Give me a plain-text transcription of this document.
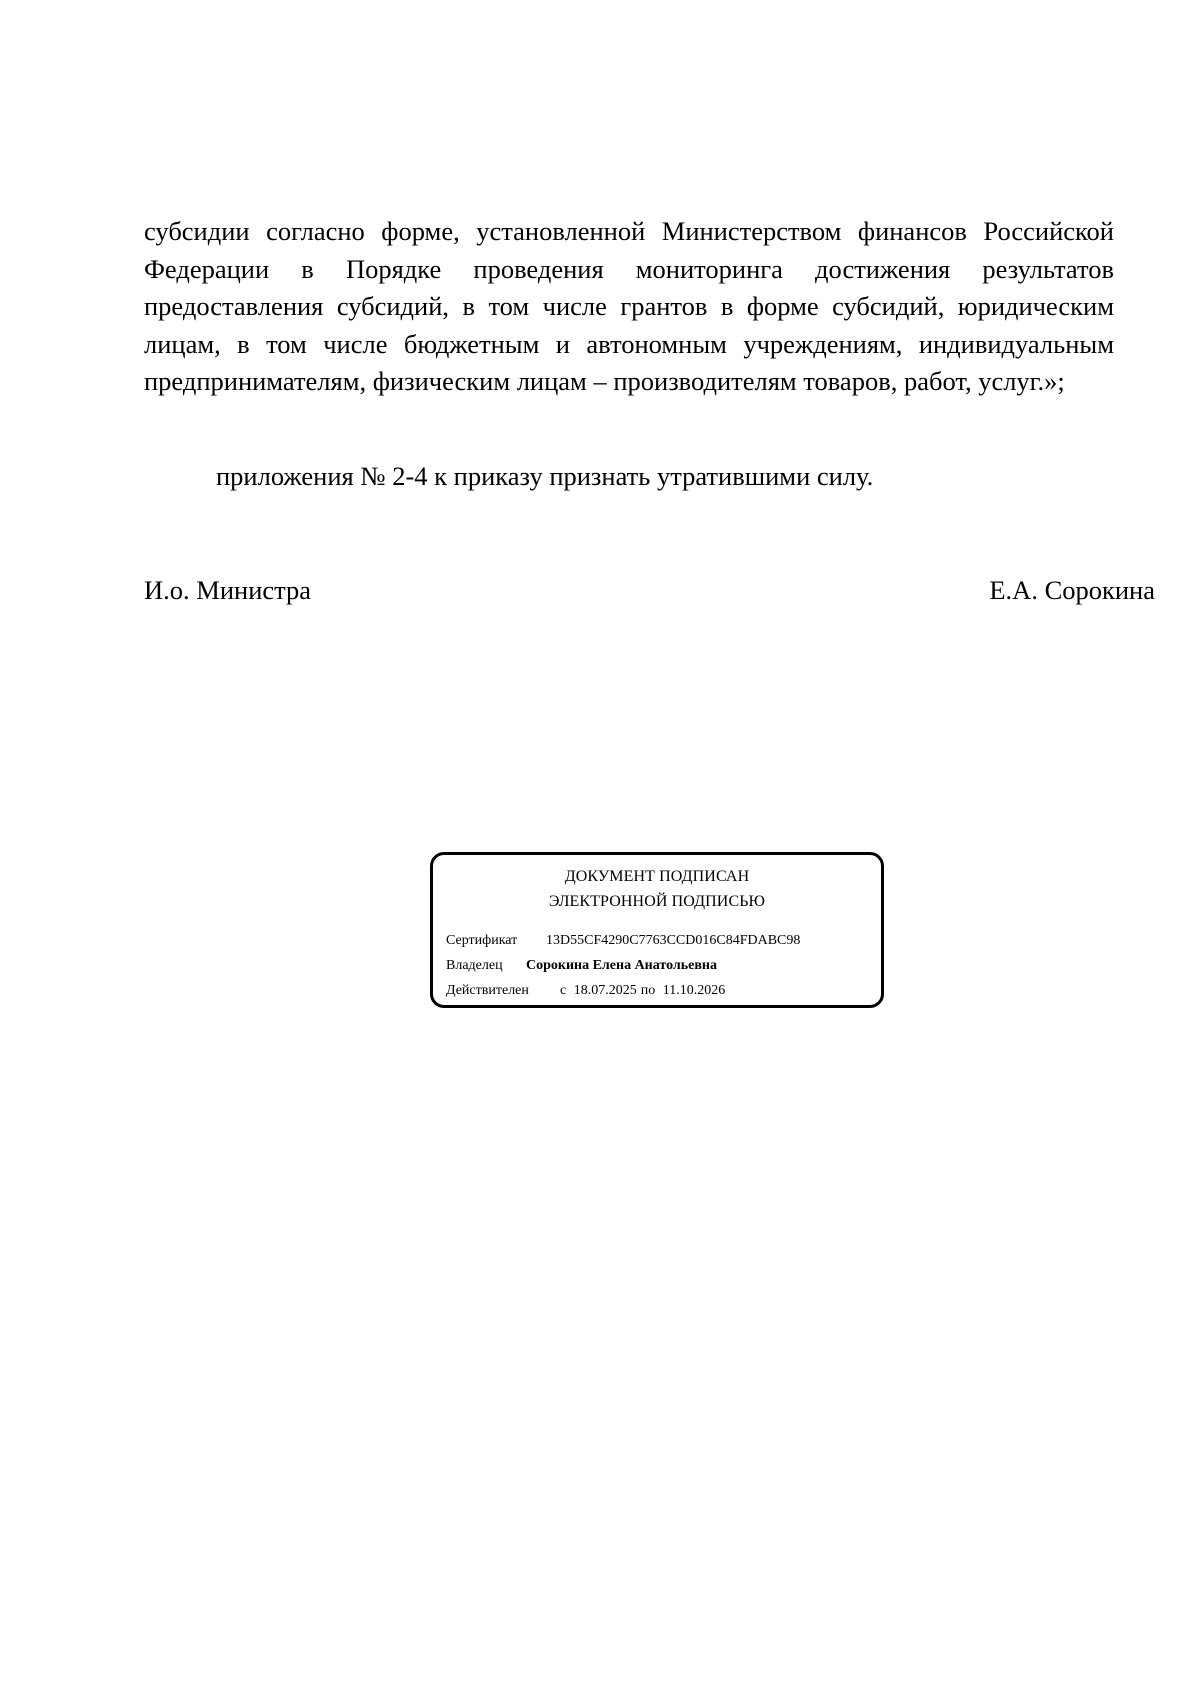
субсидии согласно форме, установленной Министерством финансов Российской Федерации в Порядке проведения мониторинга достижения результатов предоставления субсидий, в том числе грантов в форме субсидий, юридическим лицам, в том числе бюджетным и автономным учреждениям, индивидуальным предпринимателям, физическим лицам – производителям товаров, работ, услуг.»;

приложения № 2-4 к приказу признать утратившими силу.

И.о. Министра	Е.А. Сорокина
ДОКУМЕНТ ПОДПИСАН
ЭЛЕКТРОННОЙ ПОДПИСЬЮ
Сертификат 13D55CF4290C7763CCD016C84FDABC98
Владелец Сорокина Елена Анатольевна
Действителен с 18.07.2025 по 11.10.2026
